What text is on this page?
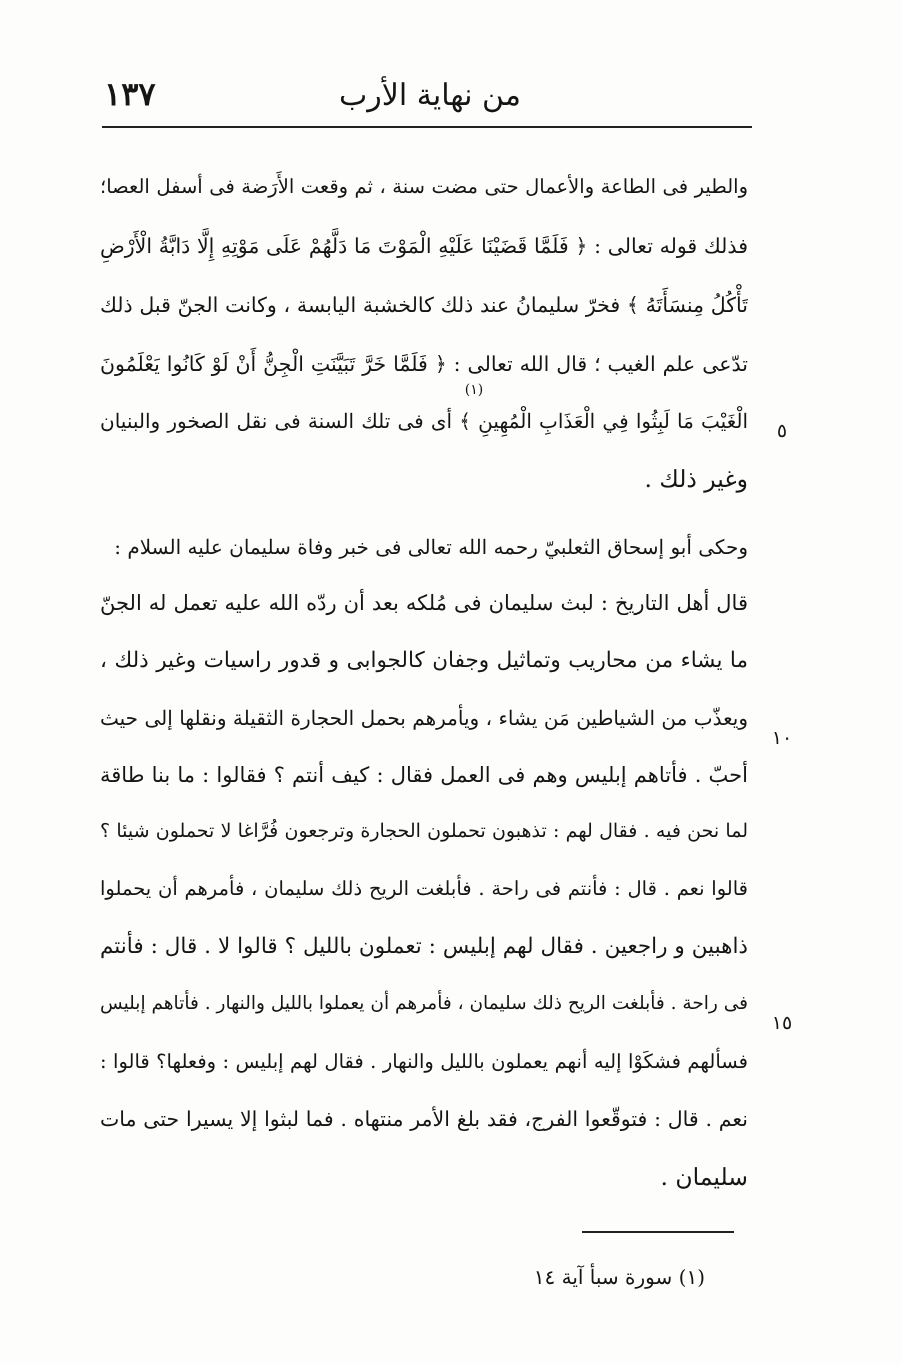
١٣٧	من نهاية الأرب
والطير فى الطاعة والأعمال حتى مضت سنة ، ثم وقعت الأَرَضة فى أسفل العصا؛
فذلك قوله تعالى : ﴿ فَلَمَّا قَضَيْنَا عَلَيْهِ الْمَوْتَ مَا دَلَّهُمْ عَلَى مَوْتِهِ إِلَّا دَابَّةُ الْأَرْضِ
تَأْكُلُ مِنسَأَتَهُ ﴾ فخرّ سليمانُ عند ذلك كالخشبة اليابسة ، وكانت الجنّ قبل ذلك
تدّعى علم الغيب ؛ قال الله تعالى : ﴿ فَلَمَّا خَرَّ تَبَيَّنَتِ الْجِنُّ أَنْ لَوْ كَانُوا يَعْلَمُونَ
(١)
الْغَيْبَ مَا لَبِثُوا فِي الْعَذَابِ الْمُهِينِ ﴾ أى فى تلك السنة فى نقل الصخور والبنيان
وغير ذلك .
وحكى أبو إسحاق الثعلبيّ رحمه الله تعالى فى خبر وفاة سليمان عليه السلام :
قال أهل التاريخ : لبث سليمان فى مُلكه بعد أن ردّه الله عليه تعمل له الجنّ
ما يشاء من محاريب وتماثيل وجفان كالجوابى و قدور راسيات وغير ذلك ،
ويعذّب من الشياطين مَن يشاء ، ويأمرهم بحمل الحجارة الثقيلة ونقلها إلى حيث
أحبّ . فأتاهم إبليس وهم فى العمل فقال : كيف أنتم ؟ فقالوا : ما بنا طاقة
لما نحن فيه . فقال لهم : تذهبون تحملون الحجارة وترجعون فُرَّاغا لا تحملون شيئا ؟
قالوا نعم . قال : فأنتم فى راحة . فأبلغت الريح ذلك سليمان ، فأمرهم أن يحملوا
ذاهبين و راجعين . فقال لهم إبليس : تعملون بالليل ؟ قالوا لا . قال : فأنتم
فى راحة . فأبلغت الريح ذلك سليمان ، فأمرهم أن يعملوا بالليل والنهار . فأتاهم إبليس
فسألهم فشكَوْا إليه أنهم يعملون بالليل والنهار . فقال لهم إبليس : وفعلها؟ قالوا :
نعم . قال : فتوقّعوا الفرج، فقد بلغ الأمر منتهاه . فما لبثوا إلا يسيرا حتى مات
سليمان .
٥
١٠
١٥
(١) سورة سبأ آية ١٤
